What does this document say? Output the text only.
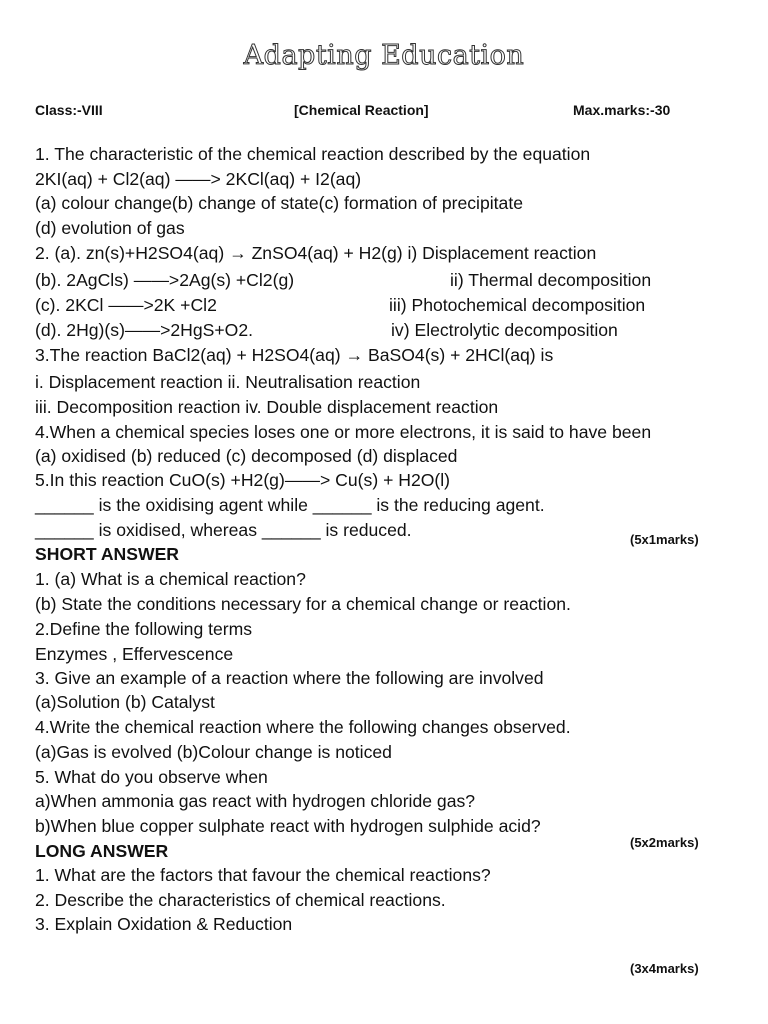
Adapting Education
Class:-VIII	[Chemical Reaction]	Max.marks:-30
1. The characteristic of the chemical reaction described by the equation
2KI(aq) + Cl2(aq) ——> 2KCl(aq) + I2(aq)
(a) colour change(b) change of state(c) formation of precipitate
(d) evolution of gas
2. (a). zn(s)+H2SO4(aq) → ZnSO4(aq) + H2(g) i) Displacement reaction
(b). 2AgCls) ——>2Ag(s) +Cl2(g)	ii) Thermal decomposition
(c). 2KCl ——>2K +Cl2	iii) Photochemical decomposition
(d). 2Hg)(s)——>2HgS+O2.	iv) Electrolytic decomposition
3.The reaction BaCl2(aq) + H2SO4(aq) → BaSO4(s) + 2HCl(aq) is
i. Displacement reaction ii. Neutralisation reaction
iii. Decomposition reaction iv. Double displacement reaction
4.When a chemical species loses one or more electrons, it is said to have been
(a) oxidised (b) reduced (c) decomposed (d) displaced
5.In this reaction CuO(s) +H2(g)——> Cu(s) + H2O(l)
______ is the oxidising agent while ______ is the reducing agent.
______ is oxidised, whereas ______ is reduced.	(5x1marks)
SHORT ANSWER
1. (a) What is a chemical reaction?
(b) State the conditions necessary for a chemical change or reaction.
2.Define the following terms
Enzymes , Effervescence
3. Give an example of a reaction where the following are involved
(a)Solution (b) Catalyst
4.Write the chemical reaction where the following changes observed.
(a)Gas is evolved (b)Colour change is noticed
5. What do you observe when
a)When ammonia gas react with hydrogen chloride gas?
b)When blue copper sulphate react with hydrogen sulphide acid?
(5x2marks)
LONG ANSWER
1. What are the factors that favour the chemical reactions?
2. Describe the characteristics of chemical reactions.
3. Explain Oxidation & Reduction
(3x4marks)
